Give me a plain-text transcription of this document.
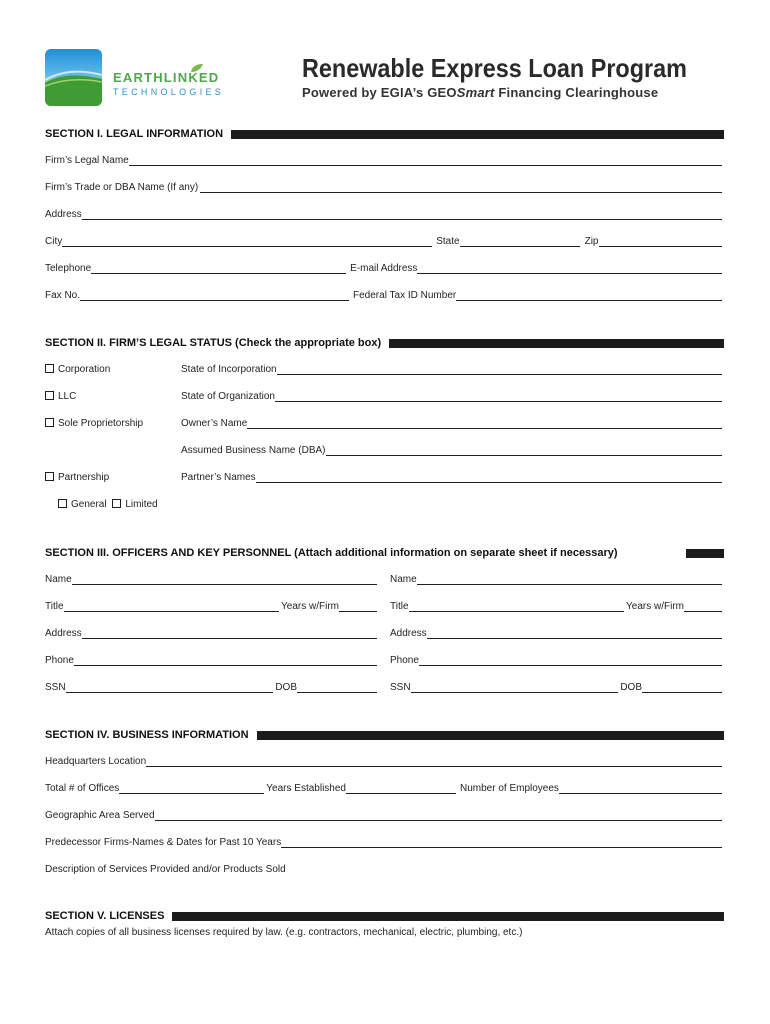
EARTHLINKED
TECHNOLOGIES
Renewable Express Loan Program
Powered by EGIA’s GEOSmart Financing Clearinghouse
SECTION I. LEGAL INFORMATION
Firm’s Legal Name
Firm’s Trade or DBA Name (If any)
Address
City	State	Zip
Telephone	E-mail Address
Fax No.	Federal Tax ID Number
SECTION II. FIRM’S LEGAL STATUS (Check the appropriate box)
Corporation	State of Incorporation
LLC	State of Organization
Sole Proprietorship	Owner’s Name
Assumed Business Name (DBA)
Partnership	Partner’s Names
General Limited
SECTION III. OFFICERS AND KEY PERSONNEL (Attach additional information on separate sheet if necessary)
Name
Title	Years w/Firm
Address
Phone
SSN	DOB
Name
Title	Years w/Firm
Address
Phone
SSN	DOB
SECTION IV. BUSINESS INFORMATION
Headquarters Location
Total # of Offices	Years Established	Number of Employees
Geographic Area Served
Predecessor Firms-Names & Dates for Past 10 Years
Description of Services Provided and/or Products Sold
SECTION V. LICENSES
Attach copies of all business licenses required by law. (e.g. contractors, mechanical, electric, plumbing, etc.)
